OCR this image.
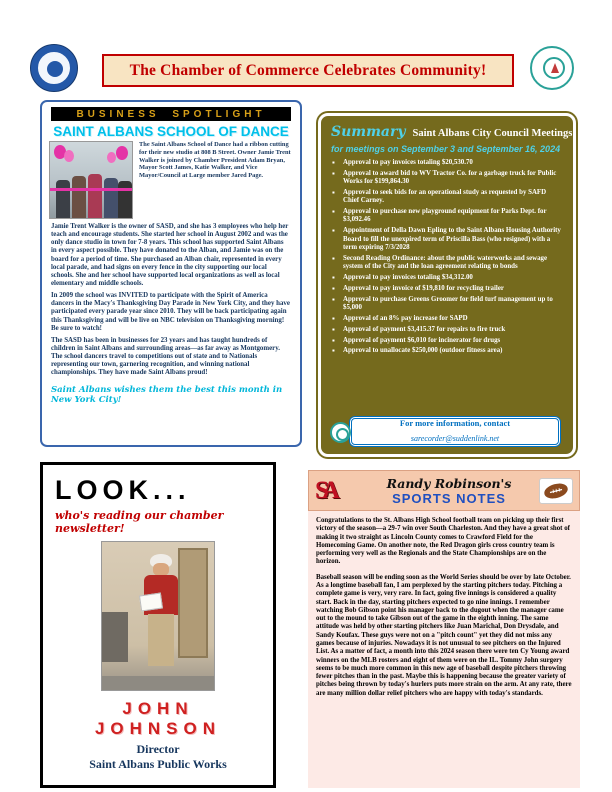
The Chamber of Commerce Celebrates Community!
BUSINESS SPOTLIGHT
SAINT ALBANS SCHOOL OF DANCE
The Saint Albans School of Dance had a ribbon cutting for their new studio at 808 B Street. Owner Jamie Trent Walker is joined by Chamber President Adam Bryan, Mayor Scott James, Katie Walker, and Vice Mayor/Council at Large member Jared Page.

Jamie Trent Walker is the owner of SASD, and she has 3 employees who help her teach and encourage students. She started her school in August 2002 and was the only dance studio in town for 7-8 years. This school has supported Saint Albans in every aspect possible. They have donated to the Alban, and Jamie was on the board for a period of time. She purchased an Alban chair, represented in every local parade, and had signs on every fence in the city supporting our local schools. She and her school have supported local organizations as well as local elementary and middle schools.

In 2009 the school was INVITED to participate with the Spirit of America dancers in the Macy's Thanksgiving Day Parade in New York City, and they have participated every parade year since 2010. They will be back participating again this Thanksgiving and will be live on NBC television on Thanksgiving morning! Be sure to watch!

The SASD has been in businesses for 23 years and has taught hundreds of children in Saint Albans and surrounding areas—as far away as Montgomery. The school dancers travel to competitions out of state and to Nationals representing our town, garnering recognition, and winning national championships. They have made Saint Albans proud!

Saint Albans wishes them the best this month in New York City!
Summary Saint Albans City Council Meetings
for meetings on September 3 and September 16, 2024
▪ Approval to pay invoices totaling $20,530.70
▪ Approval to award bid to WV Tractor Co. for a garbage truck for Public Works for $199,864.30
▪ Approval to seek bids for an operational study as requested by SAFD Chief Carney.
▪ Approval to purchase new playground equipment for Parks Dept. for $3,092.46
▪ Appointment of Della Dawn Epling to the Saint Albans Housing Authority Board to fill the unexpired term of Priscilla Bass (who resigned) with a term expiring 7/3/2028
▪ Second Reading Ordinance: about the public waterworks and sewage system of the City and the loan agreement relating to bonds
▪ Approval to pay invoices totaling $34,312.00
▪ Approval to pay invoice of $19,810 for recycling trailer
▪ Approval to purchase Greens Groomer for field turf management up to $5,000
▪ Approval of an 8% pay increase for SAPD
▪ Approval of payment $3,415.37 for repairs to fire truck
▪ Approval of payment $6,010 for incinerator for drugs
▪ Approval to unallocate $250,000 (outdoor fitness area)
For more information, contact
sarecorder@suddenlink.net
LOOK...
who's reading our chamber newsletter!
JOHN JOHNSON
Director
Saint Albans Public Works
SA	Randy Robinson's
SPORTS NOTES

Congratulations to the St. Albans High School football team on picking up their first victory of the season—a 29-7 win over South Charleston. And they have a great shot of making it two straight as Lincoln County comes to Crawford Field for the Homecoming Game. On another note, the Red Dragon girls cross country team is performing very well as the Regionals and the State Championships are on the horizon.

Baseball season will be ending soon as the World Series should be over by late October. As a longtime baseball fan, I am perplexed by the starting pitchers today. Pitching a complete game is very, very rare. In fact, going five innings is considered a quality start. Back in the day, starting pitchers expected to go nine innings. I remember watching Bob Gibson point his manager back to the dugout when the manager came out to the mound to take Gibson out of the game in the eighth inning. The same attitude was held by other starting pitchers like Juan Marichal, Don Drysdale, and Sandy Koufax. These guys were not on a "pitch count" yet they did not miss any games because of injuries. Nowadays it is not unusual to see pitchers on the Injured List. As a matter of fact, a month into this 2024 season there were ten Cy Young award winners on the MLB rosters and eight of them were on the IL. Tommy John surgery seems to be much more common in this new age of baseball despite pitchers throwing fewer pitches than in the past. Maybe this is happening because the greater variety of pitches being thrown by today's hurlers puts more strain on the arm. At any rate, there are many million dollar relief pitchers who are happy with today's standards.
